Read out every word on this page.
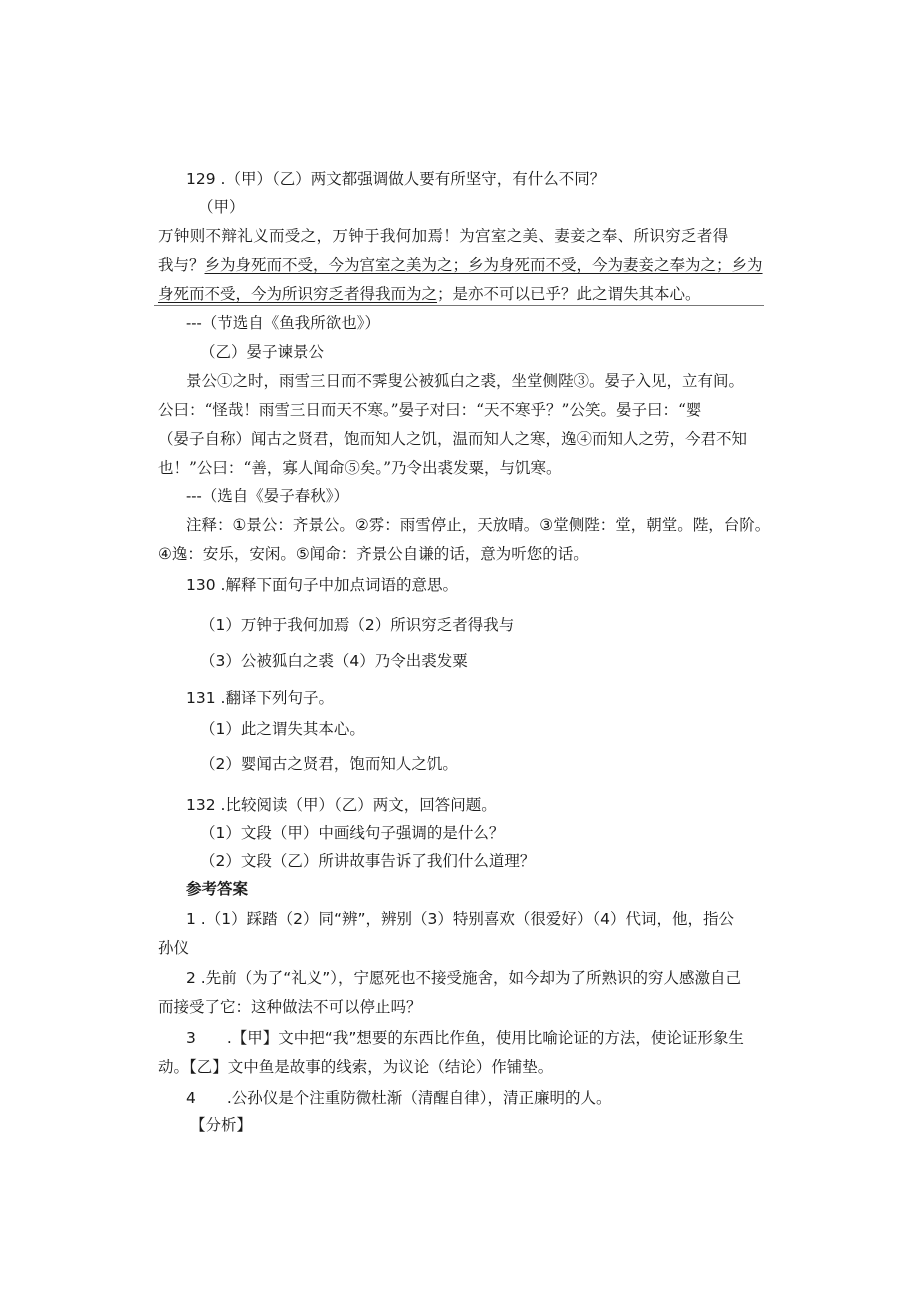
129 .（甲）（乙）两文都强调做人要有所坚守，有什么不同？
（甲）
万钟则不辩礼义而受之，万钟于我何加焉！为宫室之美、妻妾之奉、所识穷乏者得
我与？乡为身死而不受，今为宫室之美为之；乡为身死而不受，今为妻妾之奉为之；乡为
身死而不受，今为所识穷乏者得我而为之；是亦不可以已乎？此之谓失其本心。
---（节选自《鱼我所欲也》）
（乙）晏子谏景公
景公①之时，雨雪三日而不霁叟公被狐白之裘，坐堂侧陛③。晏子入见，立有间。
公曰：“怪哉！雨雪三日而天不寒。”晏子对曰：“天不寒乎？”公笑。晏子曰：“婴
（晏子自称）闻古之贤君，饱而知人之饥，温而知人之寒，逸④而知人之劳，今君不知
也！”公曰：“善，寡人闻命⑤矣。”乃令出裘发粟，与饥寒。
---（选自《晏子春秋》）
注释：①景公：齐景公。②雰：雨雪停止，天放晴。③堂侧陛：堂，朝堂。陛，台阶。
④逸：安乐，安闲。⑤闻命：齐景公自谦的话，意为听您的话。
130 .解释下面句子中加点词语的意思。
（1）万钟于我何加焉（2）所识穷乏者得我与
（3）公被狐白之裘（4）乃令出裘发粟
131 .翻译下列句子。
（1）此之谓失其本心。
（2）婴闻古之贤君，饱而知人之饥。
132 .比较阅读（甲）（乙）两文，回答问题。
（1）文段（甲）中画线句子强调的是什么？
（2）文段（乙）所讲故事告诉了我们什么道理？
参考答案
1 .（1）踩踏（2）同“辨”，辨别（3）特别喜欢（很爱好）（4）代词，他，指公
孙仪
2 .先前（为了“礼义”），宁愿死也不接受施舍，如今却为了所熟识的穷人感激自己
而接受了它：这种做法不可以停止吗？
3　　.【甲】文中把“我”想要的东西比作鱼，使用比喻论证的方法，使论证形象生
动。【乙】文中鱼是故事的线索，为议论（结论）作铺垫。
4　　.公孙仪是个注重防微杜渐（清醒自律），清正廉明的人。
【分析】
